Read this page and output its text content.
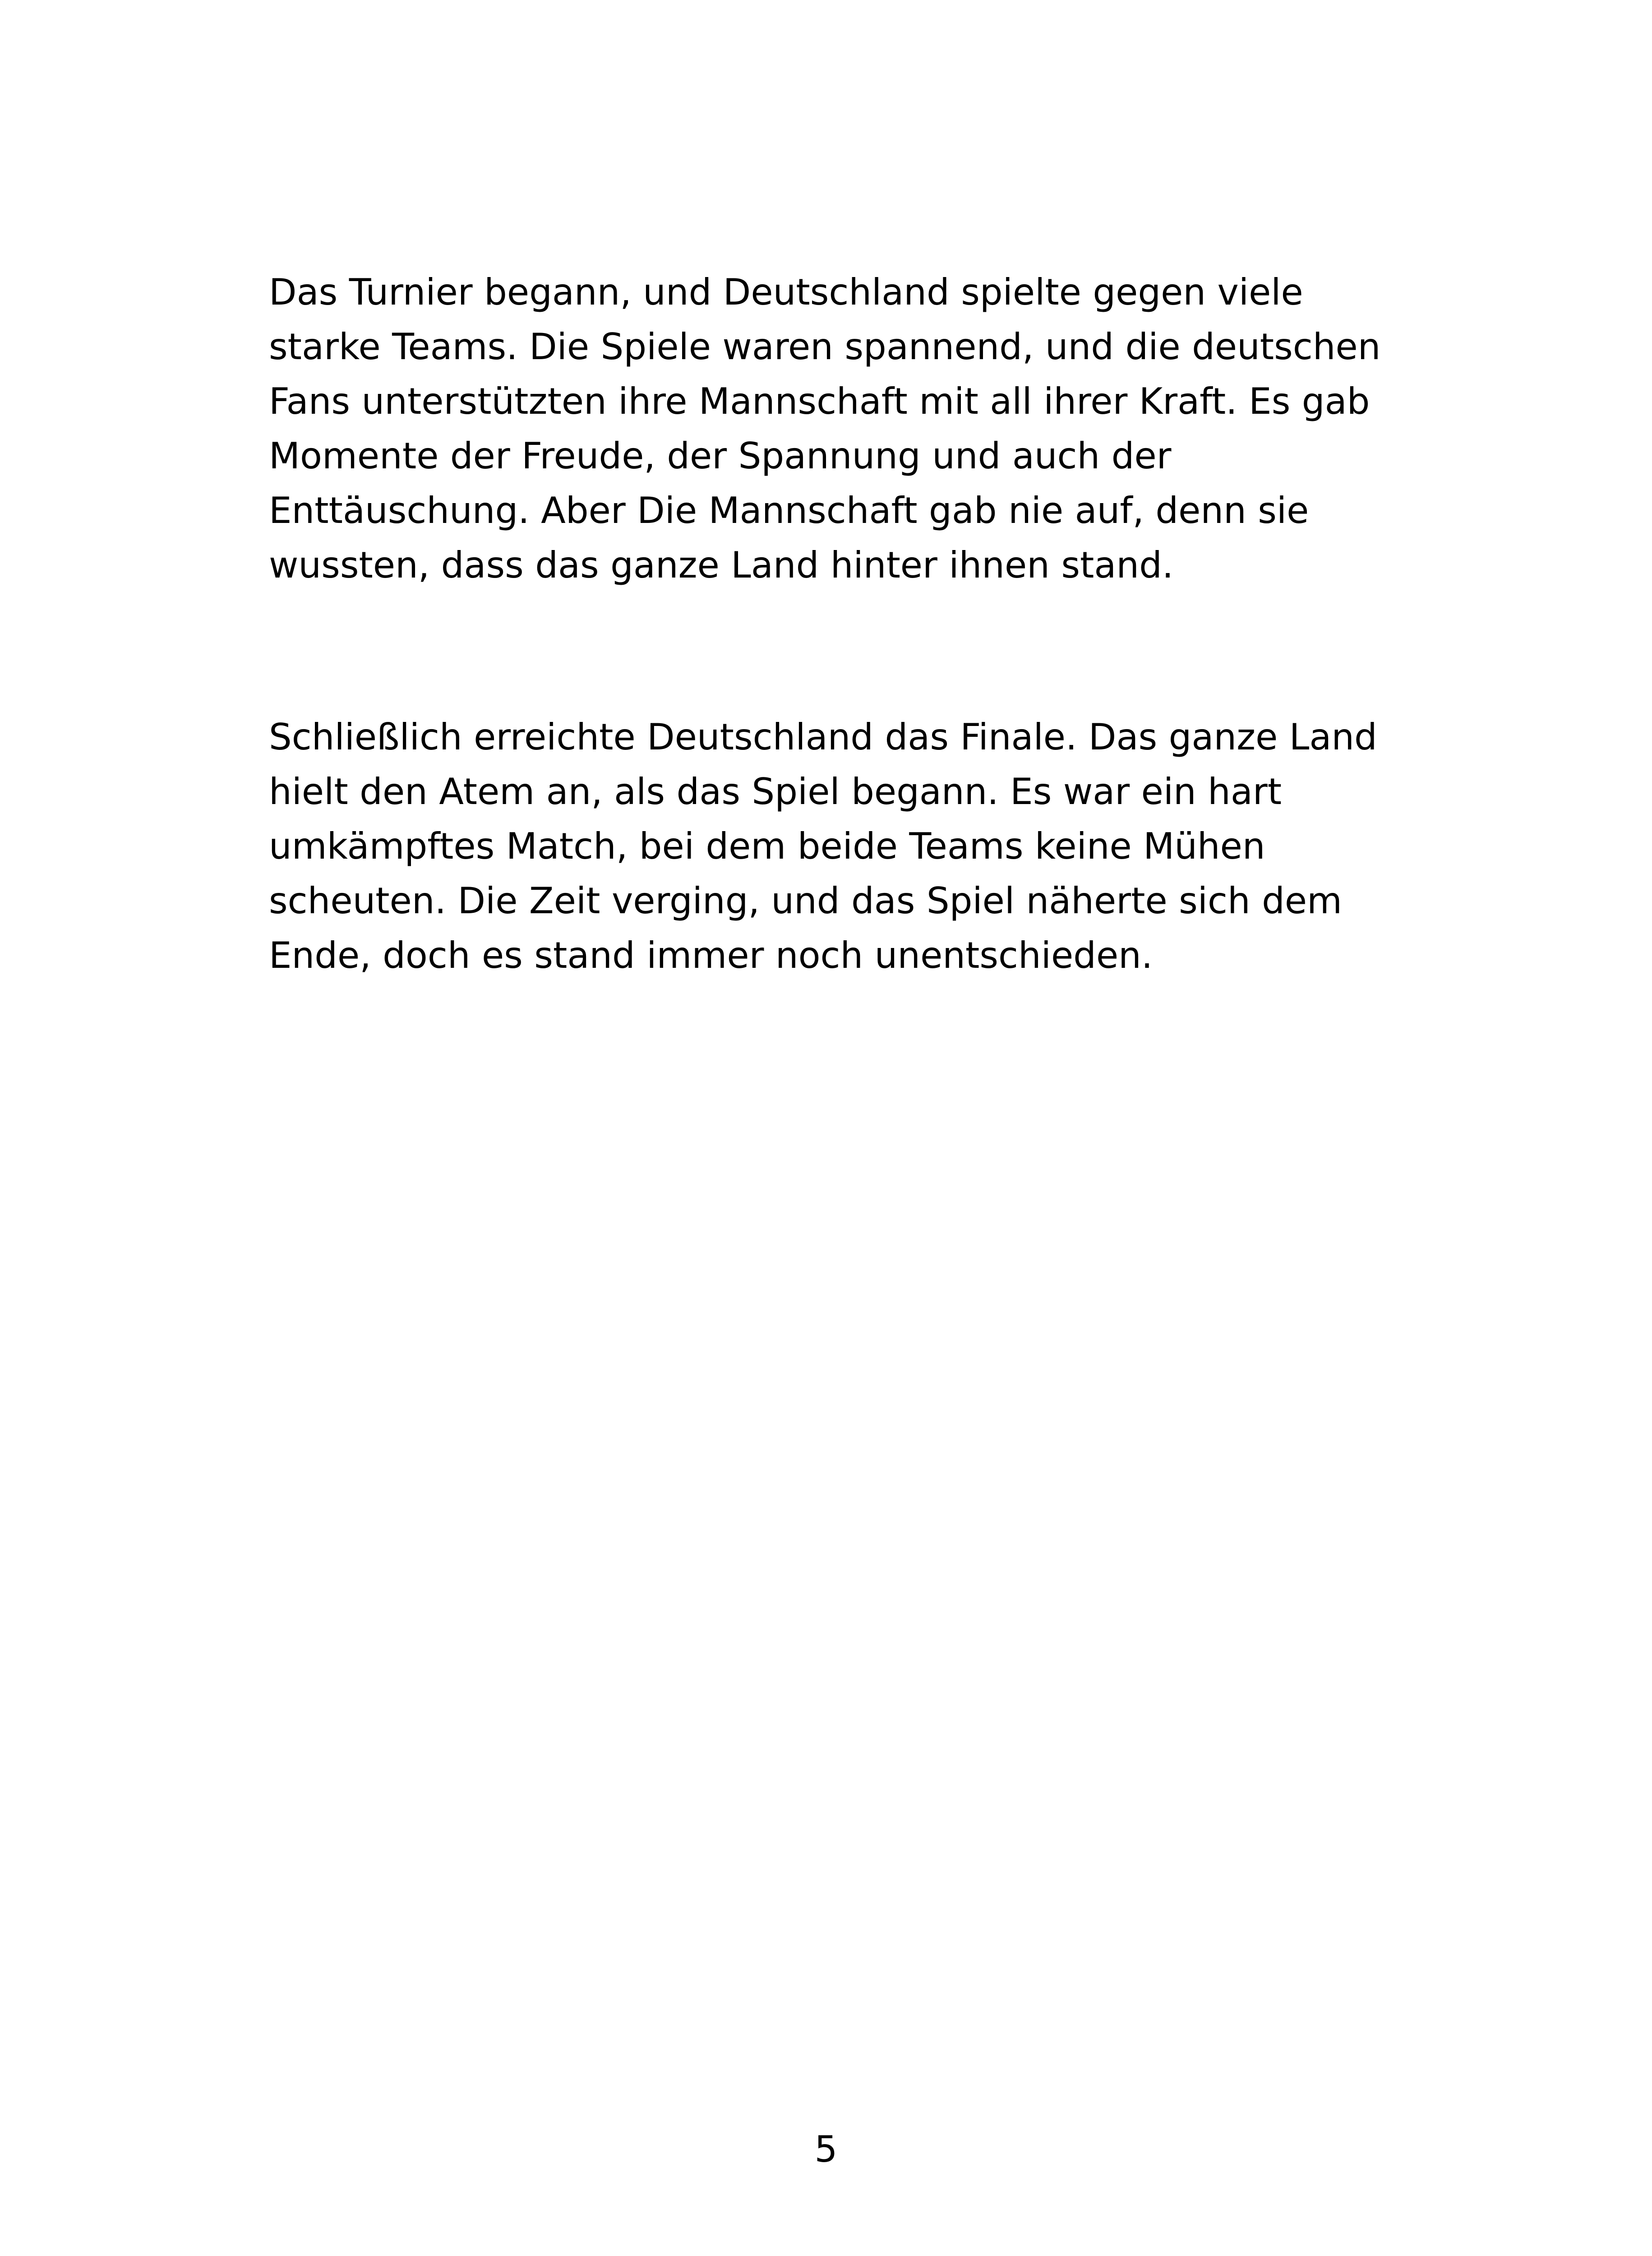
Das Turnier begann, und Deutschland spielte gegen viele

starke Teams. Die Spiele waren spannend, und die deutschen

Fans unterstützten ihre Mannschaft mit all ihrer Kraft. Es gab

Momente der Freude, der Spannung und auch der

Enttäuschung. Aber Die Mannschaft gab nie auf, denn sie

wussten, dass das ganze Land hinter ihnen stand.

Schließlich erreichte Deutschland das Finale. Das ganze Land

hielt den Atem an, als das Spiel begann. Es war ein hart

umkämpftes Match, bei dem beide Teams keine Mühen

scheuten. Die Zeit verging, und das Spiel näherte sich dem

Ende, doch es stand immer noch unentschieden.

5
